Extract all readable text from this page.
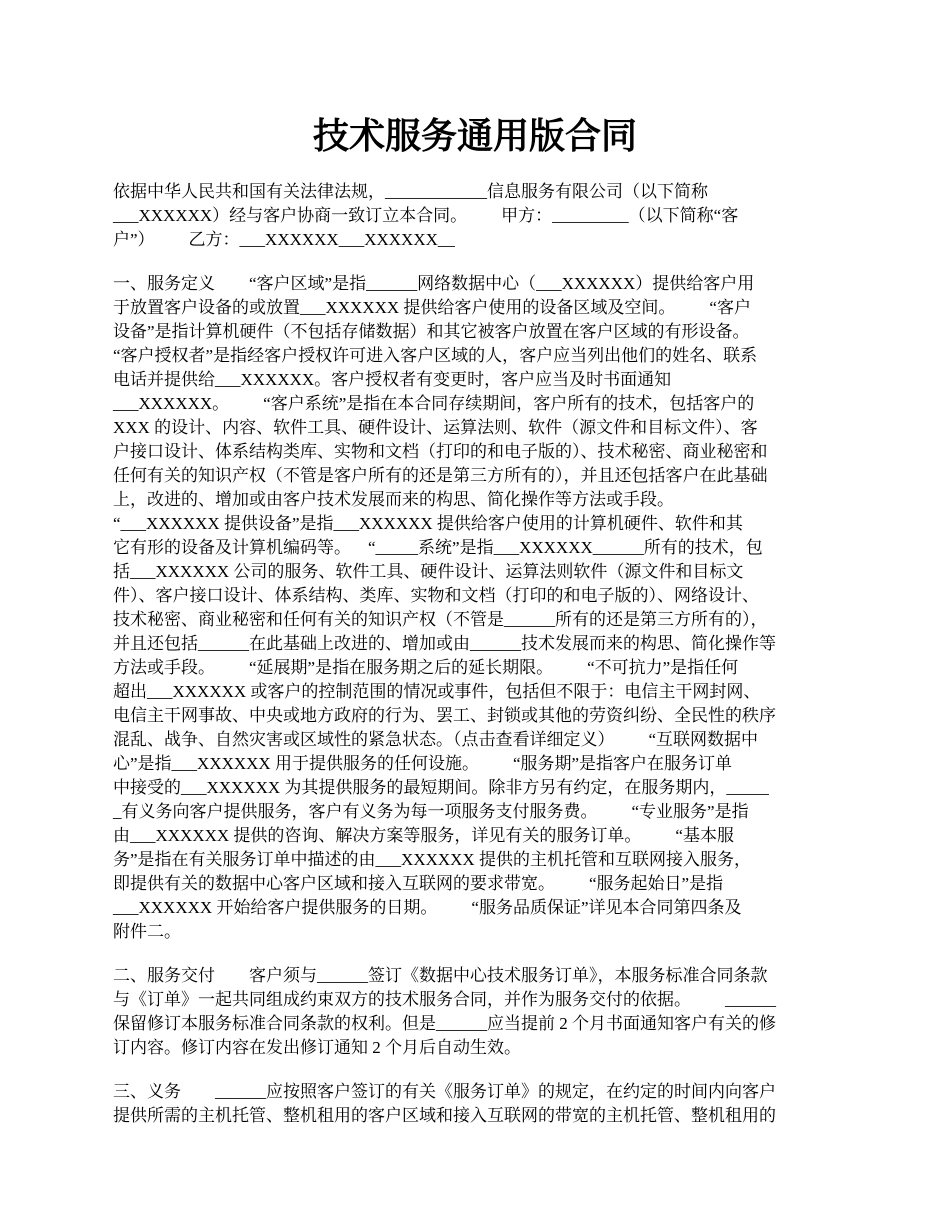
技术服务通用版合同

依据中华人民共和国有关法律法规，____________信息服务有限公司（以下简称

___XXXXXX）经与客户协商一致订立本合同。        甲方：_________（以下简称“客

户”）        乙方：___XXXXXX___XXXXXX__

一、服务定义        “客户区域”是指______网络数据中心（___XXXXXX）提供给客户用

于放置客户设备的或放置___XXXXXX 提供给客户使用的设备区域及空间。        “客户

设备”是指计算机硬件（不包括存储数据）和其它被客户放置在客户区域的有形设备。

“客户授权者”是指经客户授权许可进入客户区域的人，客户应当列出他们的姓名、联系

电话并提供给___XXXXXX。客户授权者有变更时，客户应当及时书面通知

___XXXXXX。        “客户系统”是指在本合同存续期间，客户所有的技术，包括客户的

XXX 的设计、内容、软件工具、硬件设计、运算法则、软件（源文件和目标文件）、客

户接口设计、体系结构类库、实物和文档（打印的和电子版的）、技术秘密、商业秘密和

任何有关的知识产权（不管是客户所有的还是第三方所有的），并且还包括客户在此基础

上，改进的、增加或由客户技术发展而来的构思、简化操作等方法或手段。

“___XXXXXX 提供设备”是指___XXXXXX 提供给客户使用的计算机硬件、软件和其

它有形的设备及计算机编码等。    “_____系统”是指___XXXXXX______所有的技术，包

括___XXXXXX 公司的服务、软件工具、硬件设计、运算法则软件（源文件和目标文

件）、客户接口设计、体系结构、类库、实物和文档（打印的和电子版的）、网络设计、

技术秘密、商业秘密和任何有关的知识产权（不管是______所有的还是第三方所有的），

并且还包括______在此基础上改进的、增加或由______技术发展而来的构思、简化操作等

方法或手段。        “延展期”是指在服务期之后的延长期限。        “不可抗力”是指任何

超出___XXXXXX 或客户的控制范围的情况或事件，包括但不限于：电信主干网封网、

电信主干网事故、中央或地方政府的行为、罢工、封锁或其他的劳资纠纷、全民性的秩序

混乱、战争、自然灾害或区域性的紧急状态。（点击查看详细定义）        “互联网数据中

心”是指___XXXXXX 用于提供服务的任何设施。        “服务期”是指客户在服务订单

中接受的___XXXXXX 为其提供服务的最短期间。除非方另有约定，在服务期内，_____

_有义务向客户提供服务，客户有义务为每一项服务支付服务费。        “专业服务”是指

由___XXXXXX 提供的咨询、解决方案等服务，详见有关的服务订单。        “基本服

务”是指在有关服务订单中描述的由___XXXXXX 提供的主机托管和互联网接入服务，

即提供有关的数据中心客户区域和接入互联网的要求带宽。        “服务起始日”是指

___XXXXXX 开始给客户提供服务的日期。        “服务品质保证”详见本合同第四条及

附件二。

二、服务交付        客户须与______签订《数据中心技术服务订单》，本服务标准合同条款

与《订单》一起共同组成约束双方的技术服务合同，并作为服务交付的依据。        ______

保留修订本服务标准合同条款的权利。但是______应当提前 2 个月书面通知客户有关的修

订内容。修订内容在发出修订通知 2 个月后自动生效。

三、义务        ______应按照客户签订的有关《服务订单》的规定，在约定的时间内向客户

提供所需的主机托管、整机租用的客户区域和接入互联网的带宽的主机托管、整机租用的
